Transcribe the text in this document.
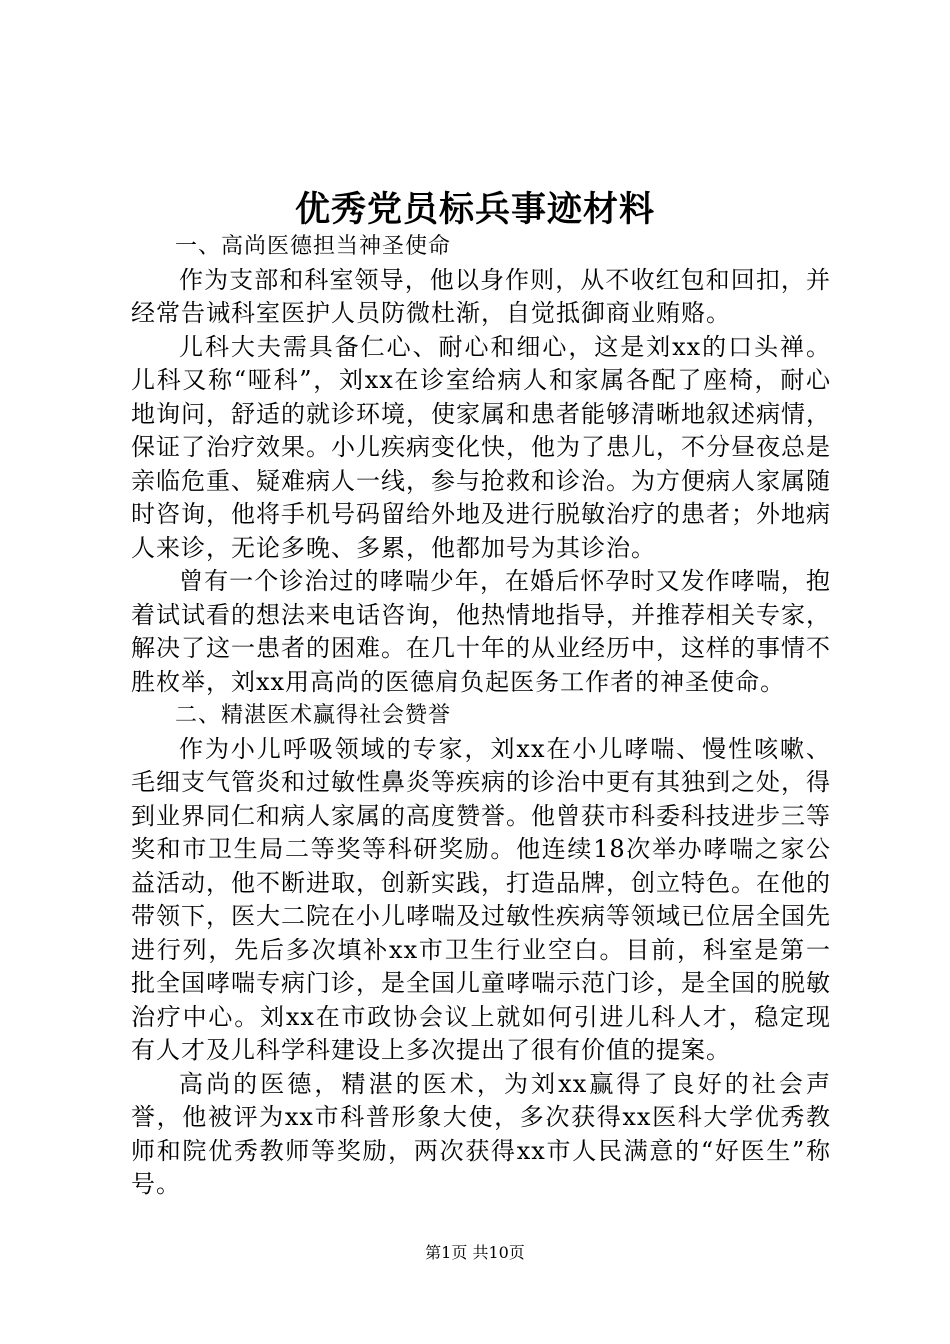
优秀党员标兵事迹材料

一、高尚医德担当神圣使命

作为支部和科室领导，他以身作则，从不收红包和回扣，并经常告诫科室医护人员防微杜渐，自觉抵御商业贿赂。

儿科大夫需具备仁心、耐心和细心，这是刘xx的口头禅。儿科又称“哑科”，刘xx在诊室给病人和家属各配了座椅，耐心地询问，舒适的就诊环境，使家属和患者能够清晰地叙述病情，保证了治疗效果。小儿疾病变化快，他为了患儿，不分昼夜总是亲临危重、疑难病人一线，参与抢救和诊治。为方便病人家属随时咨询，他将手机号码留给外地及进行脱敏治疗的患者；外地病人来诊，无论多晚、多累，他都加号为其诊治。

曾有一个诊治过的哮喘少年，在婚后怀孕时又发作哮喘，抱着试试看的想法来电话咨询，他热情地指导，并推荐相关专家，解决了这一患者的困难。在几十年的从业经历中，这样的事情不胜枚举，刘xx用高尚的医德肩负起医务工作者的神圣使命。

二、精湛医术赢得社会赞誉

作为小儿呼吸领域的专家，刘xx在小儿哮喘、慢性咳嗽、毛细支气管炎和过敏性鼻炎等疾病的诊治中更有其独到之处，得到业界同仁和病人家属的高度赞誉。他曾获市科委科技进步三等奖和市卫生局二等奖等科研奖励。他连续18次举办哮喘之家公益活动，他不断进取，创新实践，打造品牌，创立特色。在他的带领下，医大二院在小儿哮喘及过敏性疾病等领域已位居全国先进行列，先后多次填补xx市卫生行业空白。目前，科室是第一批全国哮喘专病门诊，是全国儿童哮喘示范门诊，是全国的脱敏治疗中心。刘xx在市政协会议上就如何引进儿科人才，稳定现有人才及儿科学科建设上多次提出了很有价值的提案。

高尚的医德，精湛的医术，为刘xx赢得了良好的社会声誉，他被评为xx市科普形象大使，多次获得xx医科大学优秀教师和院优秀教师等奖励，两次获得xx市人民满意的“好医生”称号。

第1页 共10页
